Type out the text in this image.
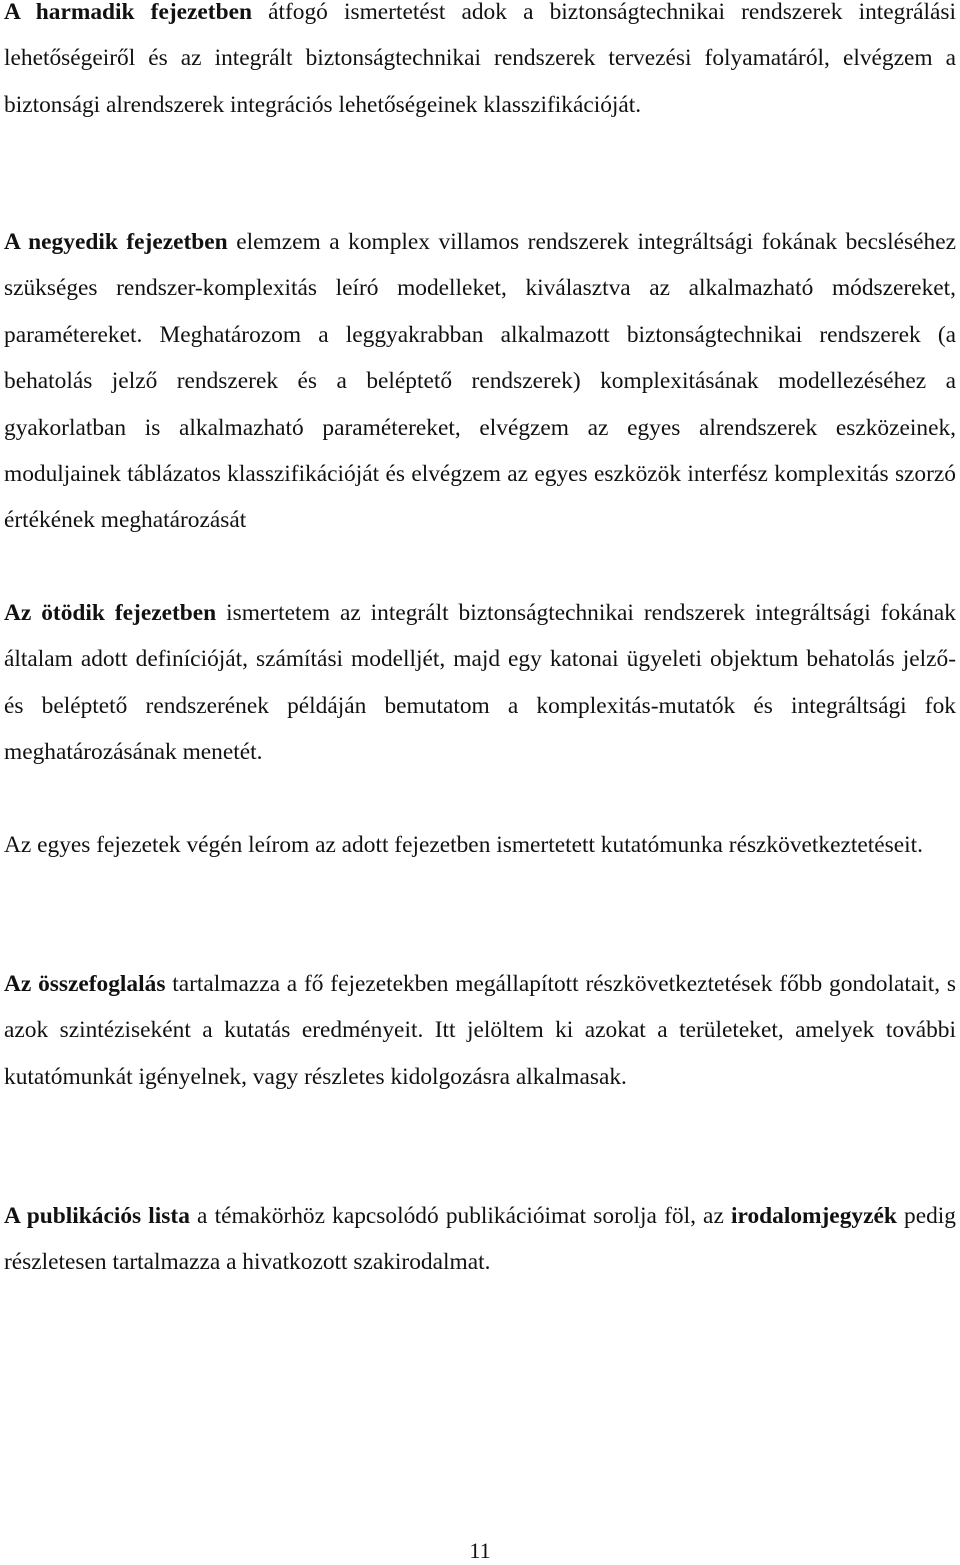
A harmadik fejezetben átfogó ismertetést adok a biztonságtechnikai rendszerek integrálási lehetőségeiről és az integrált biztonságtechnikai rendszerek tervezési folyamatáról, elvégzem a biztonsági alrendszerek integrációs lehetőségeinek klasszifikációját.

A negyedik fejezetben elemzem a komplex villamos rendszerek integráltsági fokának becsléséhez szükséges rendszer-komplexitás leíró modelleket, kiválasztva az alkalmazható módszereket, paramétereket. Meghatározom a leggyakrabban alkalmazott biztonságtechnikai rendszerek (a behatolás jelző rendszerek és a beléptető rendszerek) komplexitásának modellezéséhez a gyakorlatban is alkalmazható paramétereket, elvégzem az egyes alrendszerek eszközeinek, moduljainek táblázatos klasszifikációját és elvégzem az egyes eszközök interfész komplexitás szorzó értékének meghatározását

Az ötödik fejezetben ismertetem az integrált biztonságtechnikai rendszerek integráltsági fokának általam adott definícióját, számítási modelljét, majd egy katonai ügyeleti objektum behatolás jelző- és beléptető rendszerének példáján bemutatom a komplexitás-mutatók és integráltsági fok meghatározásának menetét.

Az egyes fejezetek végén leírom az adott fejezetben ismertetett kutatómunka részkövetkeztetéseit.

Az összefoglalás tartalmazza a fő fejezetekben megállapított részkövetkeztetések főbb gondolatait, s azok szintéziseként a kutatás eredményeit. Itt jelöltem ki azokat a területeket, amelyek további kutatómunkát igényelnek, vagy részletes kidolgozásra alkalmasak.

A publikációs lista a témakörhöz kapcsolódó publikációimat sorolja föl, az irodalomjegyzék pedig részletesen tartalmazza a hivatkozott szakirodalmat.

11
